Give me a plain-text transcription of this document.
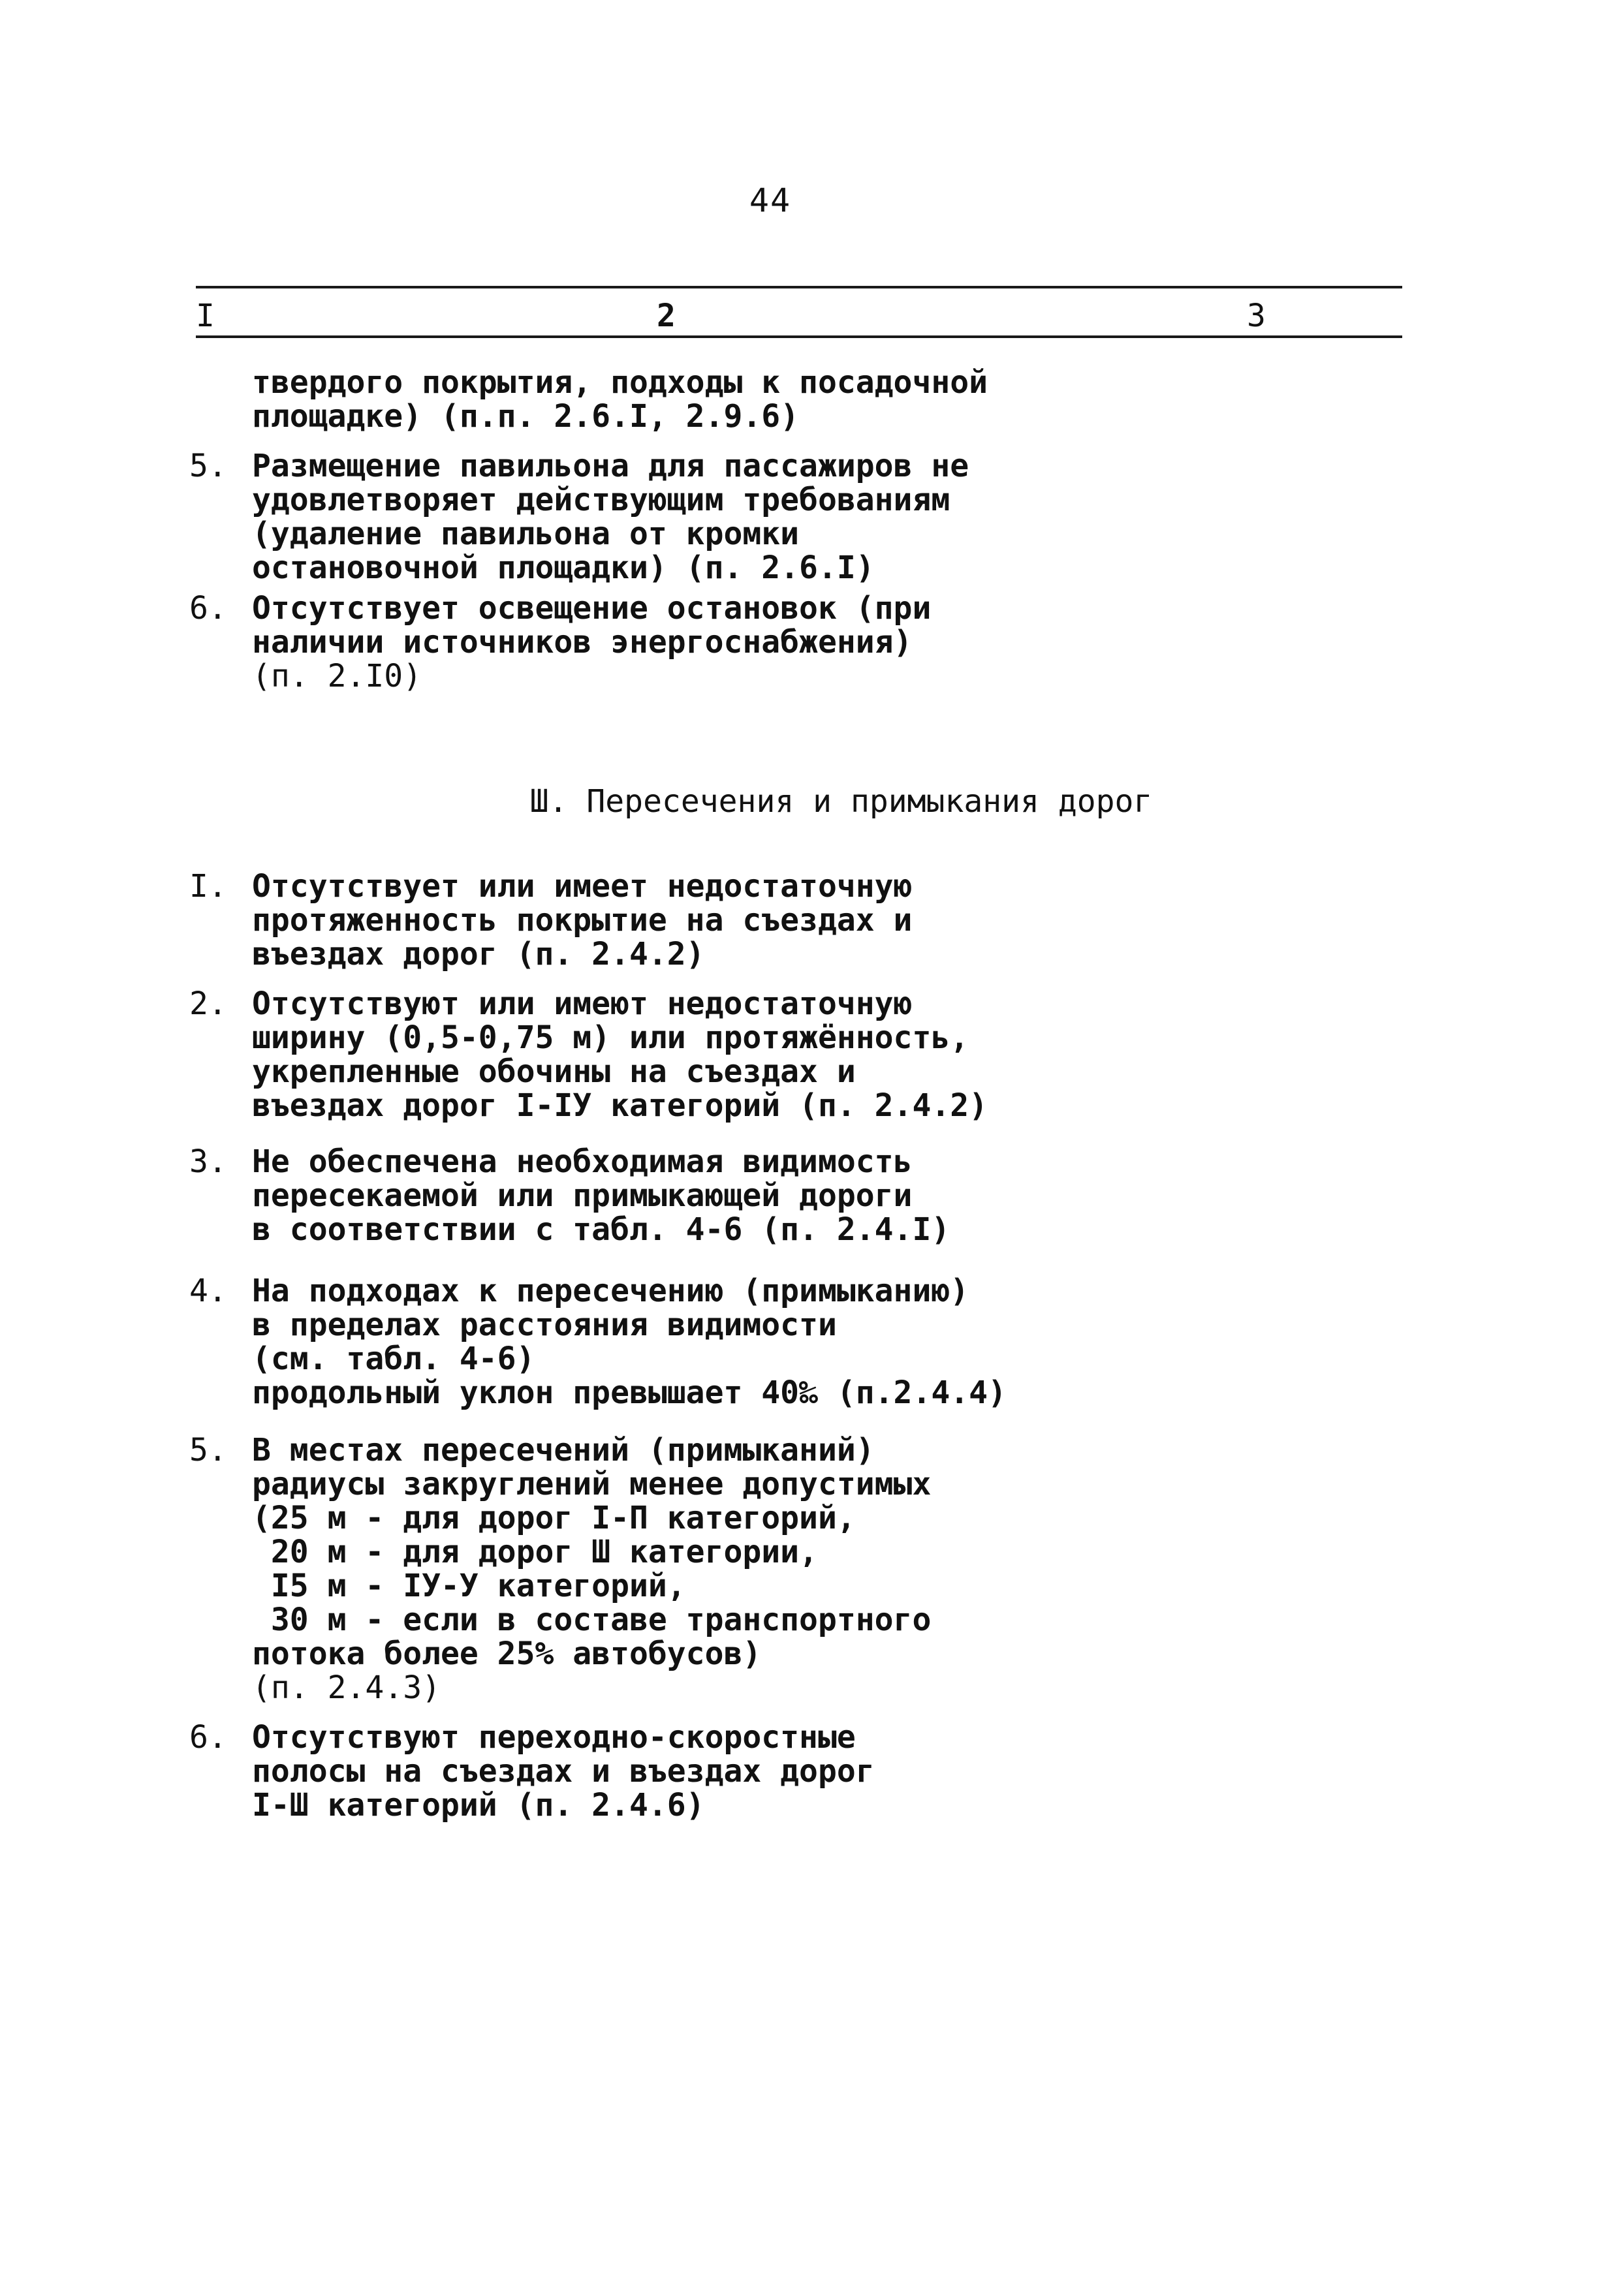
44
I	2	3
твердого покрытия, подходы к посадочной
площадке) (п.п. 2.6.I, 2.9.6)
5. Размещение павильона для пассажиров не
удовлетворяет действующим требованиям
(удаление павильона от кромки
остановочной площадки) (п. 2.6.I)
6. Отсутствует освещение остановок (при
наличии источников энергоснабжения)
(п. 2.I0)
Ш. Пересечения и примыкания дорог
I. Отсутствует или имеет недостаточную
протяженность покрытие на съездах и
въездах дорог (п. 2.4.2)
2. Отсутствуют или имеют недостаточную
ширину (0,5-0,75 м) или протяжённость,
укрепленные обочины на съездах и
въездах дорог I-IУ категорий (п. 2.4.2)
3. Не обеспечена необходимая видимость
пересекаемой или примыкающей дороги
в соответствии с табл. 4-6 (п. 2.4.I)
4. На подходах к пересечению (примыканию)
в пределах расстояния видимости
(см. табл. 4-6)
продольный уклон превышает 40‰ (п.2.4.4)
5. В местах пересечений (примыканий)
радиусы закруглений менее допустимых
(25 м - для дорог I-П категорий,
20 м - для дорог Ш категории,
I5 м - IУ-У категорий,
30 м - если в составе транспортного
потока более 25% автобусов)
(п. 2.4.3)
6. Отсутствуют переходно-скоростные
полосы на съездах и въездах дорог
I-Ш категорий (п. 2.4.6)
